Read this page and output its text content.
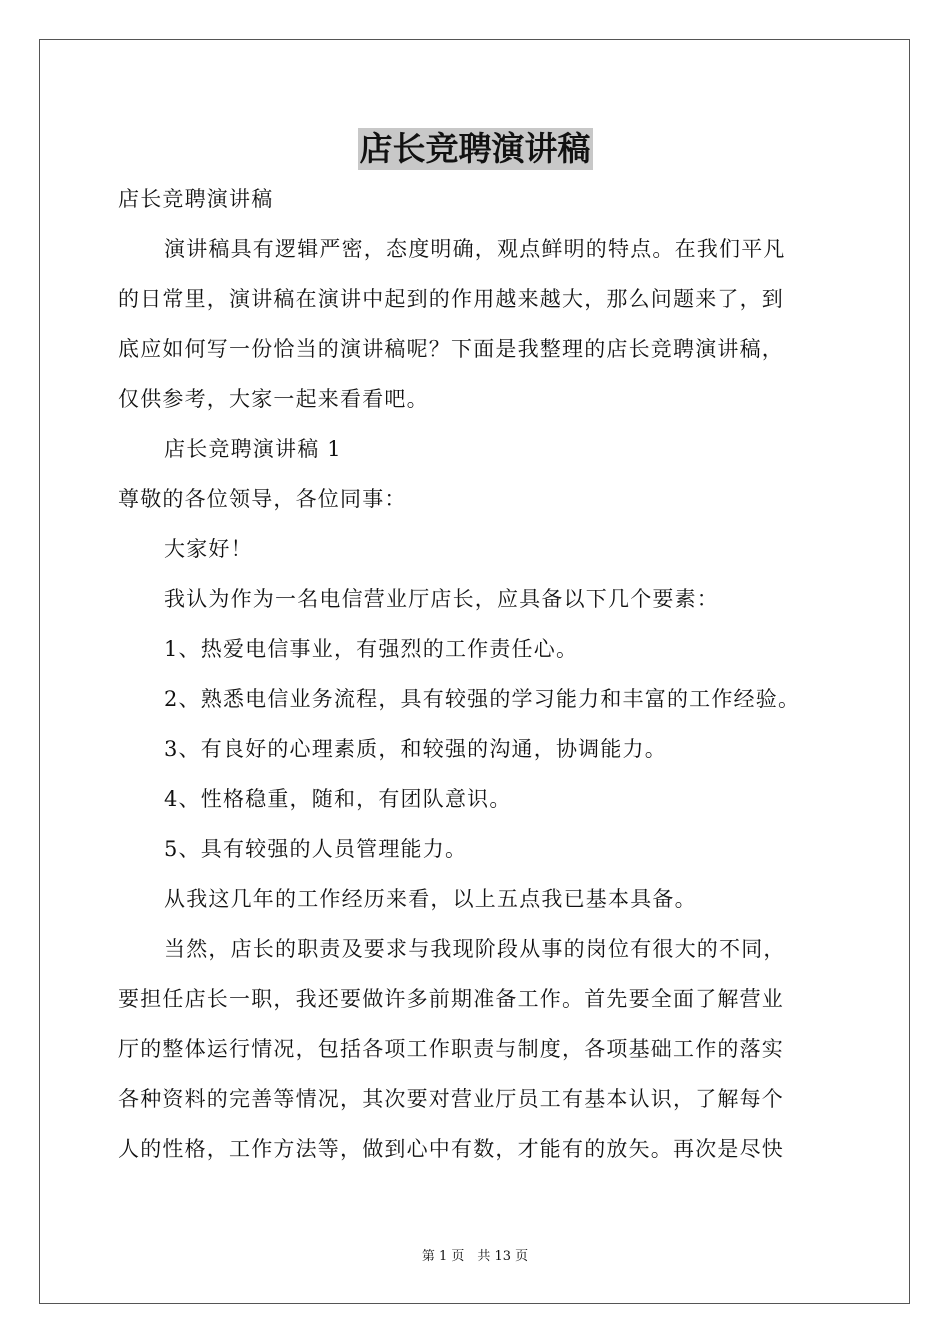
店长竞聘演讲稿
店长竞聘演讲稿
演讲稿具有逻辑严密，态度明确，观点鲜明的特点。在我们平凡
的日常里，演讲稿在演讲中起到的作用越来越大，那么问题来了，到
底应如何写一份恰当的演讲稿呢？下面是我整理的店长竞聘演讲稿，
仅供参考，大家一起来看看吧。
店长竞聘演讲稿 1
尊敬的各位领导，各位同事：
大家好！
我认为作为一名电信营业厅店长，应具备以下几个要素：
1、热爱电信事业，有强烈的工作责任心。
2、熟悉电信业务流程，具有较强的学习能力和丰富的工作经验。
3、有良好的心理素质，和较强的沟通，协调能力。
4、性格稳重，随和，有团队意识。
5、具有较强的人员管理能力。
从我这几年的工作经历来看，以上五点我已基本具备。
当然，店长的职责及要求与我现阶段从事的岗位有很大的不同，
要担任店长一职，我还要做许多前期准备工作。首先要全面了解营业
厅的整体运行情况，包括各项工作职责与制度，各项基础工作的落实
各种资料的完善等情况，其次要对营业厅员工有基本认识，了解每个
人的性格，工作方法等，做到心中有数，才能有的放矢。再次是尽快
第 1 页　共 13 页
